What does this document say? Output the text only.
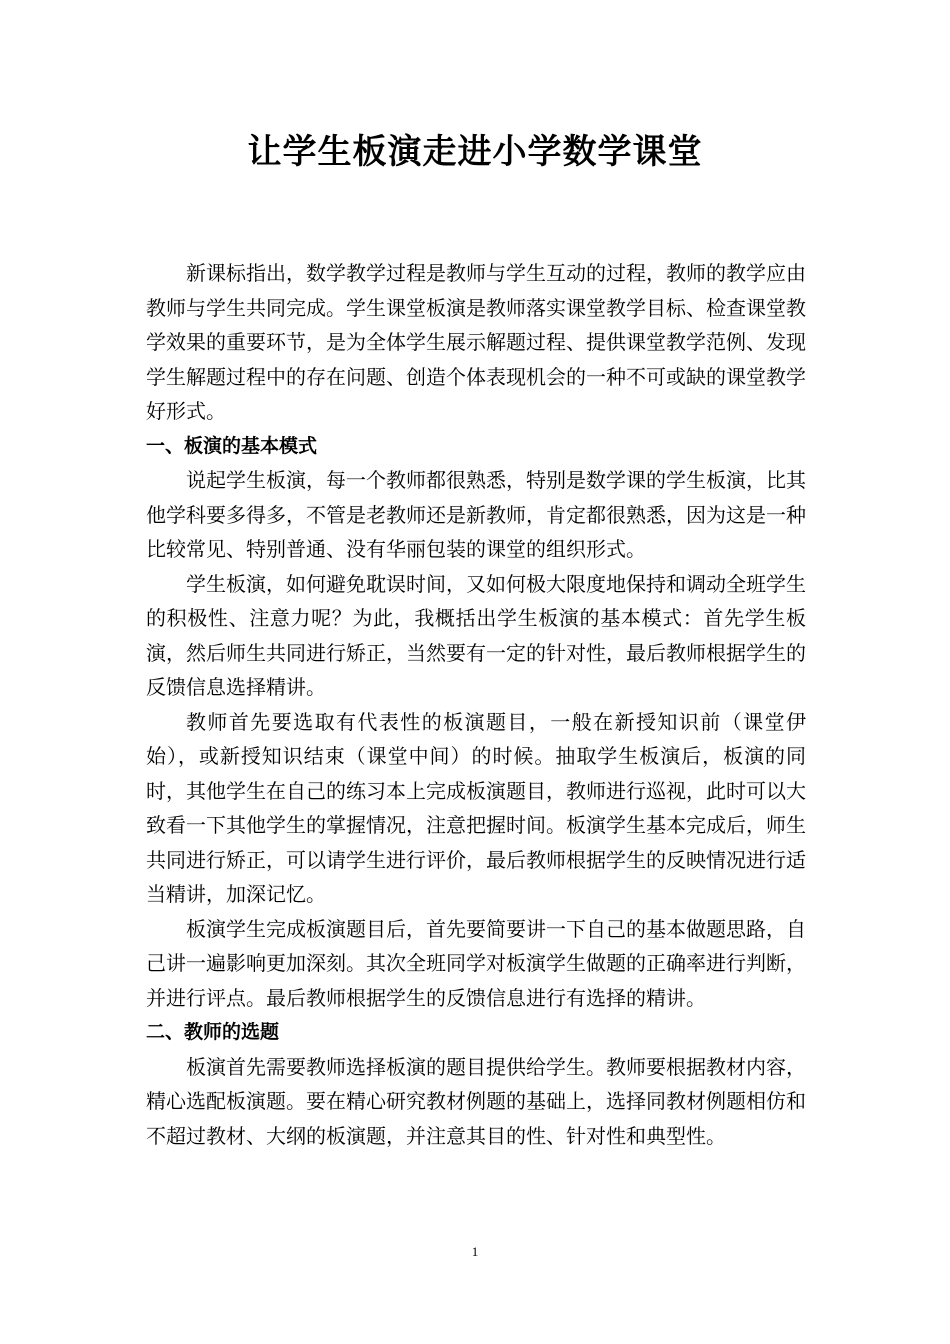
让学生板演走进小学数学课堂

新课标指出，数学教学过程是教师与学生互动的过程，教师的教学应由教师与学生共同完成。学生课堂板演是教师落实课堂教学目标、检查课堂教学效果的重要环节，是为全体学生展示解题过程、提供课堂教学范例、发现学生解题过程中的存在问题、创造个体表现机会的一种不可或缺的课堂教学好形式。

一、板演的基本模式

说起学生板演，每一个教师都很熟悉，特别是数学课的学生板演，比其他学科要多得多，不管是老教师还是新教师，肯定都很熟悉，因为这是一种比较常见、特别普通、没有华丽包装的课堂的组织形式。

学生板演，如何避免耽误时间，又如何极大限度地保持和调动全班学生的积极性、注意力呢？为此，我概括出学生板演的基本模式：首先学生板演，然后师生共同进行矫正，当然要有一定的针对性，最后教师根据学生的反馈信息选择精讲。

教师首先要选取有代表性的板演题目，一般在新授知识前（课堂伊始），或新授知识结束（课堂中间）的时候。抽取学生板演后，板演的同时，其他学生在自己的练习本上完成板演题目，教师进行巡视，此时可以大致看一下其他学生的掌握情况，注意把握时间。板演学生基本完成后，师生共同进行矫正，可以请学生进行评价，最后教师根据学生的反映情况进行适当精讲，加深记忆。

板演学生完成板演题目后，首先要简要讲一下自己的基本做题思路，自己讲一遍影响更加深刻。其次全班同学对板演学生做题的正确率进行判断，并进行评点。最后教师根据学生的反馈信息进行有选择的精讲。

二、教师的选题

板演首先需要教师选择板演的题目提供给学生。教师要根据教材内容，精心选配板演题。要在精心研究教材例题的基础上，选择同教材例题相仿和不超过教材、大纲的板演题，并注意其目的性、针对性和典型性。

1
